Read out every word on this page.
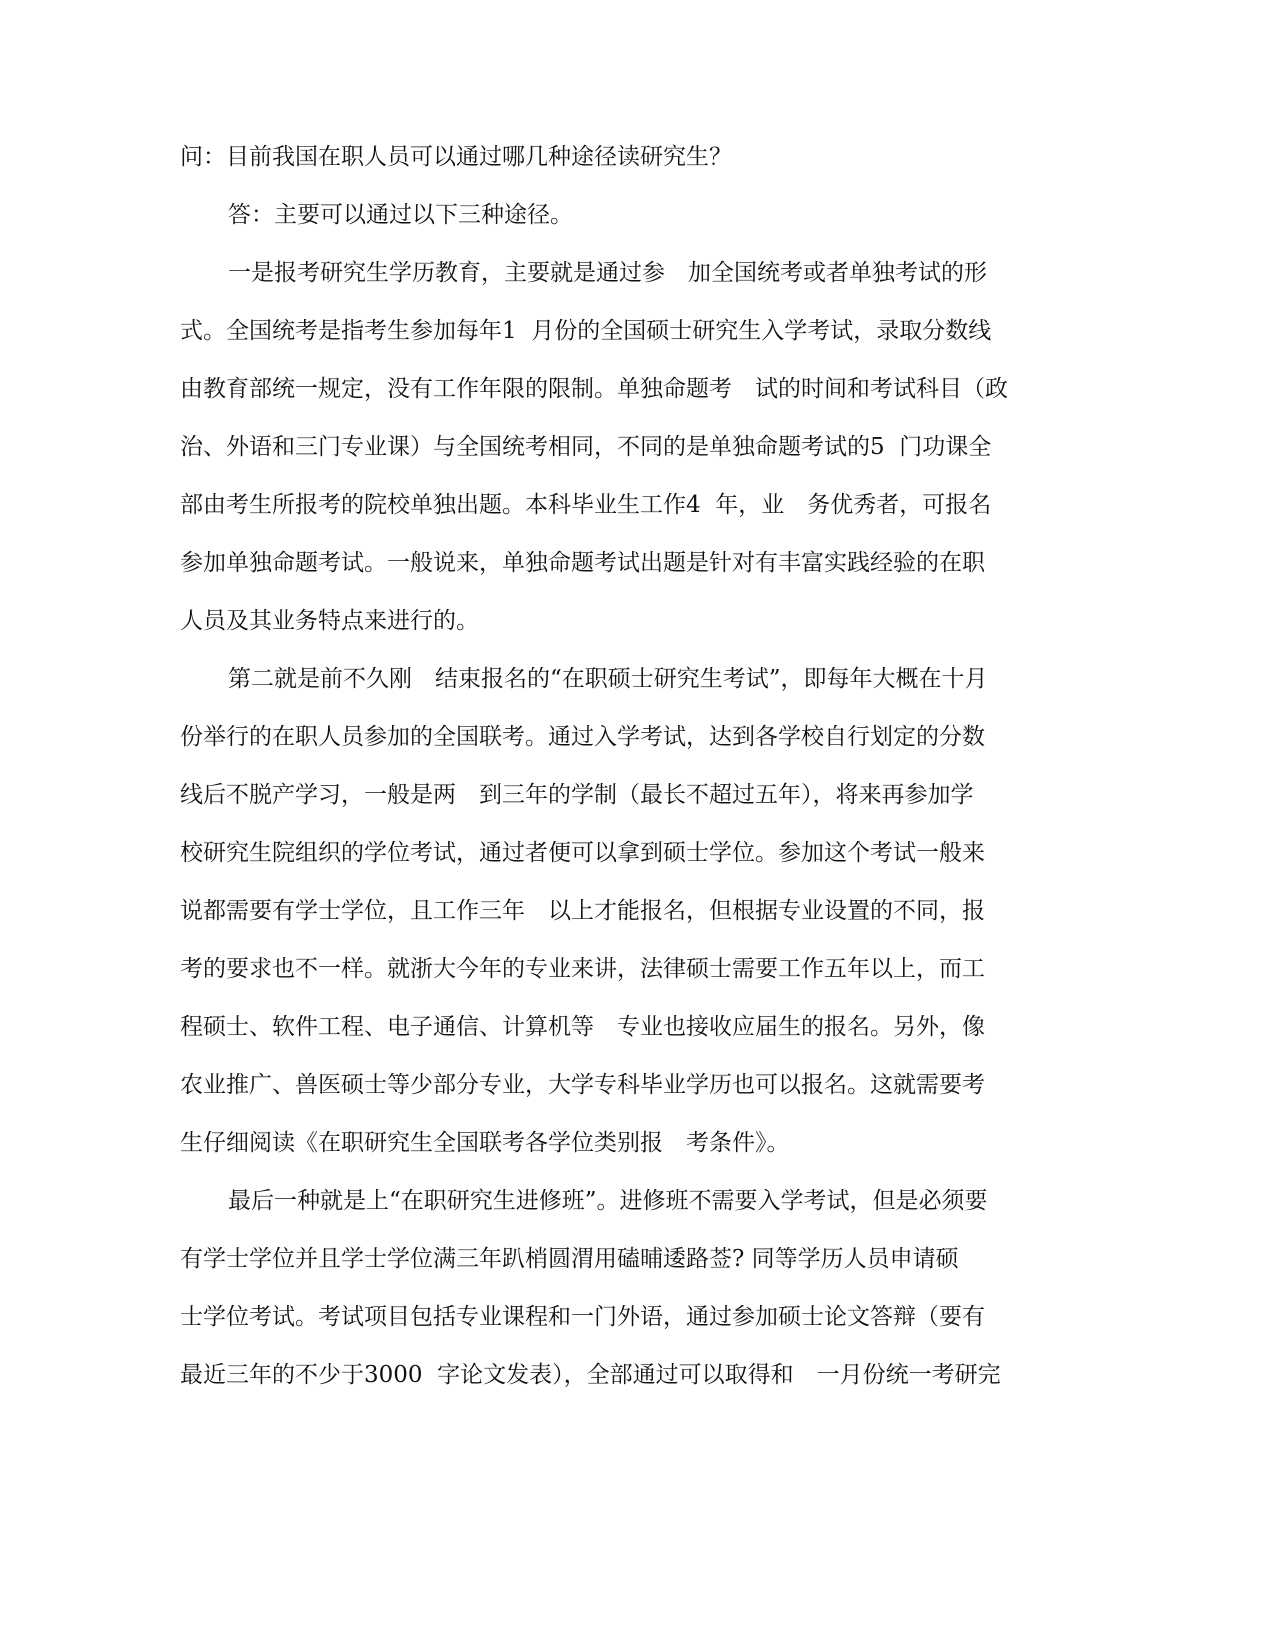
问：目前我国在职人员可以通过哪几种途径读研究生？
答：主要可以通过以下三种途径。
一是报考研究生学历教育，主要就是通过参　加全国统考或者单独考试的形
式。全国统考是指考生参加每年1  月份的全国硕士研究生入学考试，录取分数线
由教育部统一规定，没有工作年限的限制。单独命题考　试的时间和考试科目（政
治、外语和三门专业课）与全国统考相同，不同的是单独命题考试的5  门功课全
部由考生所报考的院校单独出题。本科毕业生工作4  年，业　务优秀者，可报名
参加单独命题考试。一般说来，单独命题考试出题是针对有丰富实践经验的在职
人员及其业务特点来进行的。
第二就是前不久刚　结束报名的“在职硕士研究生考试”，即每年大概在十月
份举行的在职人员参加的全国联考。通过入学考试，达到各学校自行划定的分数
线后不脱产学习，一般是两　到三年的学制（最长不超过五年），将来再参加学
校研究生院组织的学位考试，通过者便可以拿到硕士学位。参加这个考试一般来
说都需要有学士学位，且工作三年　以上才能报名，但根据专业设置的不同，报
考的要求也不一样。就浙大今年的专业来讲，法律硕士需要工作五年以上，而工
程硕士、软件工程、电子通信、计算机等　专业也接收应届生的报名。另外，像
农业推广、兽医硕士等少部分专业，大学专科毕业学历也可以报名。这就需要考
生仔细阅读《在职研究生全国联考各学位类别报　考条件》。
最后一种就是上“在职研究生进修班”。进修班不需要入学考试，但是必须要
有学士学位并且学士学位满三年趴梢圆渭用磕晡逶路莶? 同等学历人员申请硕
士学位考试。考试项目包括专业课程和一门外语，通过参加硕士论文答辩（要有
最近三年的不少于3000  字论文发表），全部通过可以取得和　一月份统一考研完
